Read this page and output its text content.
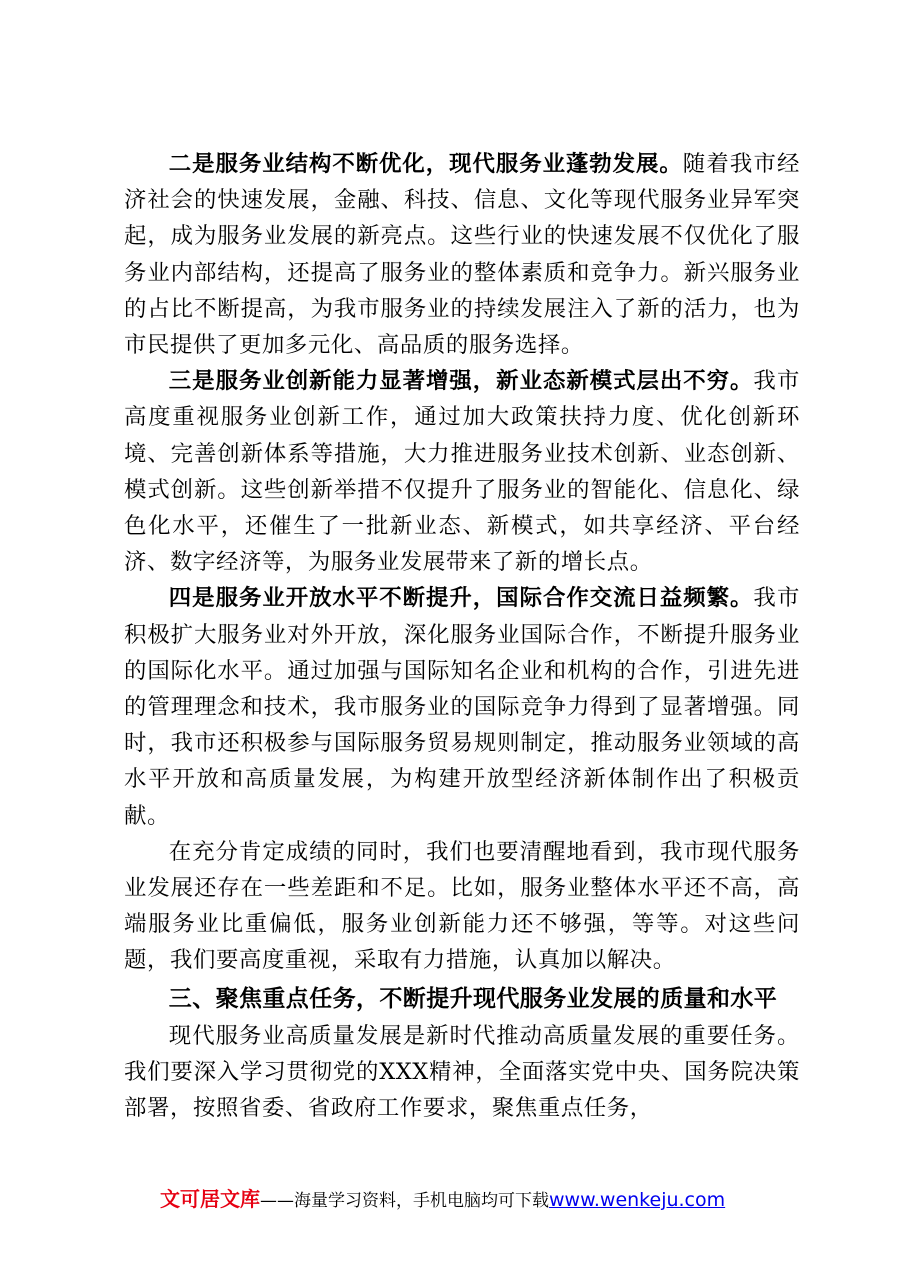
二是服务业结构不断优化，现代服务业蓬勃发展。随着我市经济社会的快速发展，金融、科技、信息、文化等现代服务业异军突起，成为服务业发展的新亮点。这些行业的快速发展不仅优化了服务业内部结构，还提高了服务业的整体素质和竞争力。新兴服务业的占比不断提高，为我市服务业的持续发展注入了新的活力，也为市民提供了更加多元化、高品质的服务选择。

三是服务业创新能力显著增强，新业态新模式层出不穷。我市高度重视服务业创新工作，通过加大政策扶持力度、优化创新环境、完善创新体系等措施，大力推进服务业技术创新、业态创新、模式创新。这些创新举措不仅提升了服务业的智能化、信息化、绿色化水平，还催生了一批新业态、新模式，如共享经济、平台经济、数字经济等，为服务业发展带来了新的增长点。

四是服务业开放水平不断提升，国际合作交流日益频繁。我市积极扩大服务业对外开放，深化服务业国际合作，不断提升服务业的国际化水平。通过加强与国际知名企业和机构的合作，引进先进的管理理念和技术，我市服务业的国际竞争力得到了显著增强。同时，我市还积极参与国际服务贸易规则制定，推动服务业领域的高水平开放和高质量发展，为构建开放型经济新体制作出了积极贡献。

在充分肯定成绩的同时，我们也要清醒地看到，我市现代服务业发展还存在一些差距和不足。比如，服务业整体水平还不高，高端服务业比重偏低，服务业创新能力还不够强，等等。对这些问题，我们要高度重视，采取有力措施，认真加以解决。

三、聚焦重点任务，不断提升现代服务业发展的质量和水平

现代服务业高质量发展是新时代推动高质量发展的重要任务。我们要深入学习贯彻党的XXX精神，全面落实党中央、国务院决策部署，按照省委、省政府工作要求，聚焦重点任务，

文可居文库——海量学习资料，手机电脑均可下载www.wenkeju.com
